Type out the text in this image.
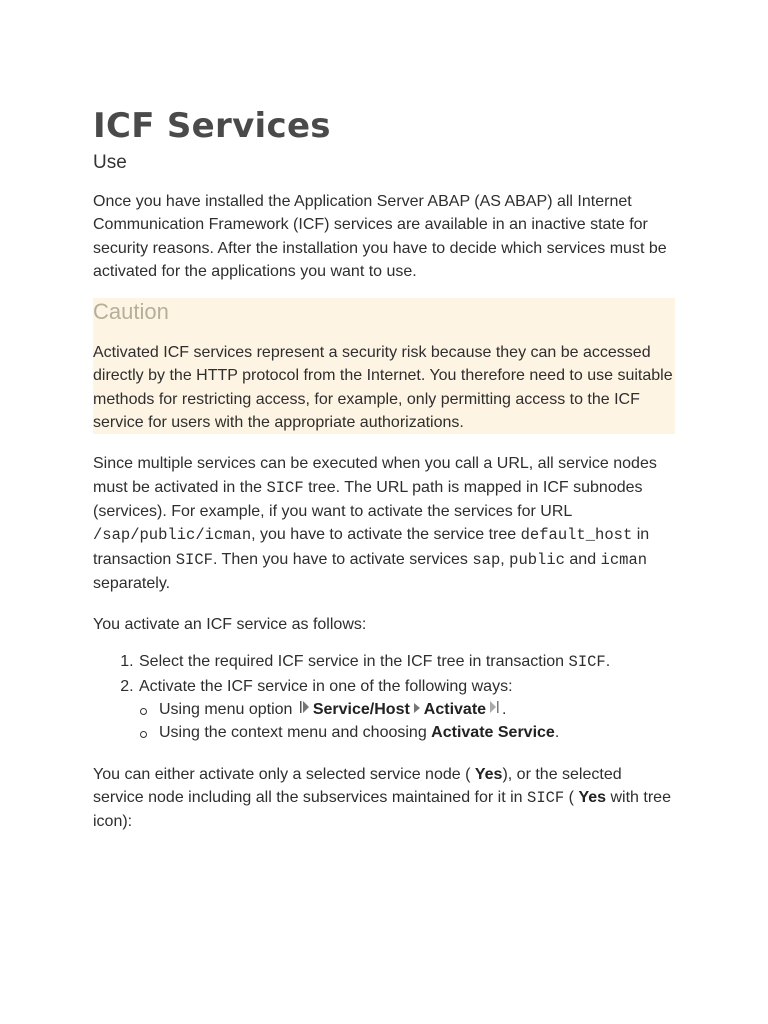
ICF Services
Use

Once you have installed the Application Server ABAP (AS ABAP) all Internet Communication Framework (ICF) services are available in an inactive state for security reasons. After the installation you have to decide which services must be activated for the applications you want to use.

Caution

Activated ICF services represent a security risk because they can be accessed directly by the HTTP protocol from the Internet. You therefore need to use suitable methods for restricting access, for example, only permitting access to the ICF service for users with the appropriate authorizations.

Since multiple services can be executed when you call a URL, all service nodes must be activated in the SICF tree. The URL path is mapped in ICF subnodes (services). For example, if you want to activate the services for URL /sap/public/icman, you have to activate the service tree default_host in transaction SICF. Then you have to activate services sap, public and icman separately.

You activate an ICF service as follows:

1. Select the required ICF service in the ICF tree in transaction SICF.
2. Activate the ICF service in one of the following ways:
Using menu option Service/Host Activate .
Using the context menu and choosing Activate Service.

You can either activate only a selected service node ( Yes), or the selected service node including all the subservices maintained for it in SICF ( Yes with tree icon):
